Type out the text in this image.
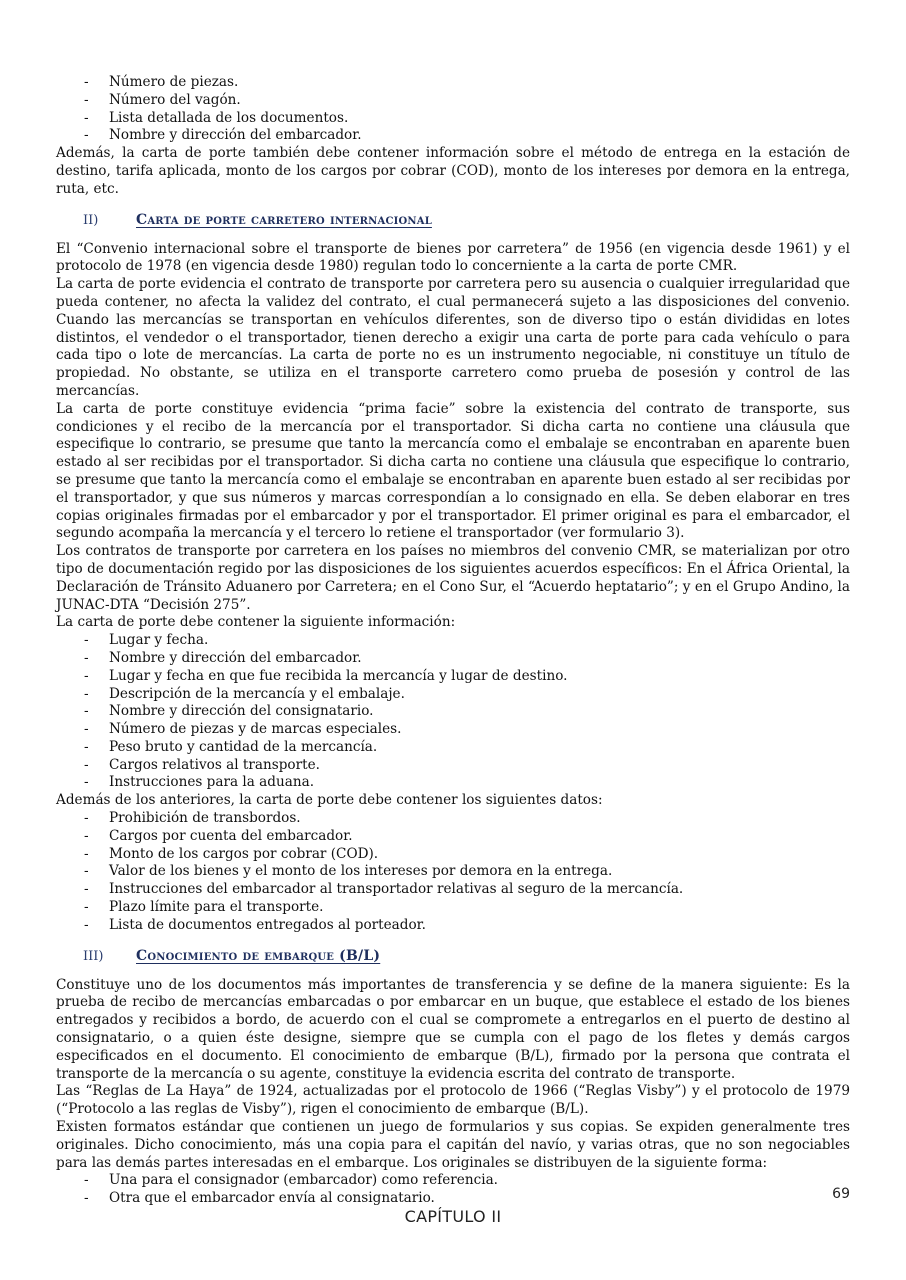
- Número de piezas.
- Número del vagón.
- Lista detallada de los documentos.
- Nombre y dirección del embarcador.

Además, la carta de porte también debe contener información sobre el método de entrega en la estación de destino, tarifa aplicada, monto de los cargos por cobrar (COD), monto de los intereses por demora en la entrega, ruta, etc.

II)	Carta de porte carretero internacional

El “Convenio internacional sobre el transporte de bienes por carretera” de 1956 (en vigencia desde 1961) y el protocolo de 1978 (en vigencia desde 1980) regulan todo lo concerniente a la carta de porte CMR.

La carta de porte evidencia el contrato de transporte por carretera pero su ausencia o cualquier irregularidad que pueda contener, no afecta la validez del contrato, el cual permanecerá sujeto a las disposiciones del convenio. Cuando las mercancías se transportan en vehículos diferentes, son de diverso tipo o están divididas en lotes distintos, el vendedor o el transportador, tienen derecho a exigir una carta de porte para cada vehículo o para cada tipo o lote de mercancías. La carta de porte no es un instrumento negociable, ni constituye un título de propiedad. No obstante, se utiliza en el transporte carretero como prueba de posesión y control de las mercancías.

La carta de porte constituye evidencia “prima facie” sobre la existencia del contrato de transporte, sus condiciones y el recibo de la mercancía por el transportador. Si dicha carta no contiene una cláusula que especifique lo contrario, se presume que tanto la mercancía como el embalaje se encontraban en aparente buen estado al ser recibidas por el transportador. Si dicha carta no contiene una cláusula que especifique lo contrario, se presume que tanto la mercancía como el embalaje se encontraban en aparente buen estado al ser recibidas por el transportador, y que sus números y marcas correspondían a lo consignado en ella. Se deben elaborar en tres copias originales firmadas por el embarcador y por el transportador. El primer original es para el embarcador, el segundo acompaña la mercancía y el tercero lo retiene el transportador (ver formulario 3).

Los contratos de transporte por carretera en los países no miembros del convenio CMR, se materializan por otro tipo de documentación regido por las disposiciones de los siguientes acuerdos específicos: En el África Oriental, la Declaración de Tránsito Aduanero por Carretera; en el Cono Sur, el “Acuerdo heptatario”; y en el Grupo Andino, la JUNAC-DTA “Decisión 275”.

La carta de porte debe contener la siguiente información:

- Lugar y fecha.
- Nombre y dirección del embarcador.
- Lugar y fecha en que fue recibida la mercancía y lugar de destino.
- Descripción de la mercancía y el embalaje.
- Nombre y dirección del consignatario.
- Número de piezas y de marcas especiales.
- Peso bruto y cantidad de la mercancía.
- Cargos relativos al transporte.
- Instrucciones para la aduana.

Además de los anteriores, la carta de porte debe contener los siguientes datos:

- Prohibición de transbordos.
- Cargos por cuenta del embarcador.
- Monto de los cargos por cobrar (COD).
- Valor de los bienes y el monto de los intereses por demora en la entrega.
- Instrucciones del embarcador al transportador relativas al seguro de la mercancía.
- Plazo límite para el transporte.
- Lista de documentos entregados al porteador.
III)	Conocimiento de embarque (B/L)

Constituye uno de los documentos más importantes de transferencia y se define de la manera siguiente: Es la prueba de recibo de mercancías embarcadas o por embarcar en un buque, que establece el estado de los bienes entregados y recibidos a bordo, de acuerdo con el cual se compromete a entregarlos en el puerto de destino al consignatario, o a quien éste designe, siempre que se cumpla con el pago de los fletes y demás cargos especificados en el documento. El conocimiento de embarque (B/L), firmado por la persona que contrata el transporte de la mercancía o su agente, constituye la evidencia escrita del contrato de transporte.

Las “Reglas de La Haya” de 1924, actualizadas por el protocolo de 1966 (“Reglas Visby”) y el protocolo de 1979 (“Protocolo a las reglas de Visby”), rigen el conocimiento de embarque (B/L).

Existen formatos estándar que contienen un juego de formularios y sus copias. Se expiden generalmente tres originales. Dicho conocimiento, más una copia para el capitán del navío, y varias otras, que no son negociables para las demás partes interesadas en el embarque. Los originales se distribuyen de la siguiente forma:

- Una para el consignador (embarcador) como referencia.
- Otra que el embarcador envía al consignatario.	69
CAPÍTULO II
